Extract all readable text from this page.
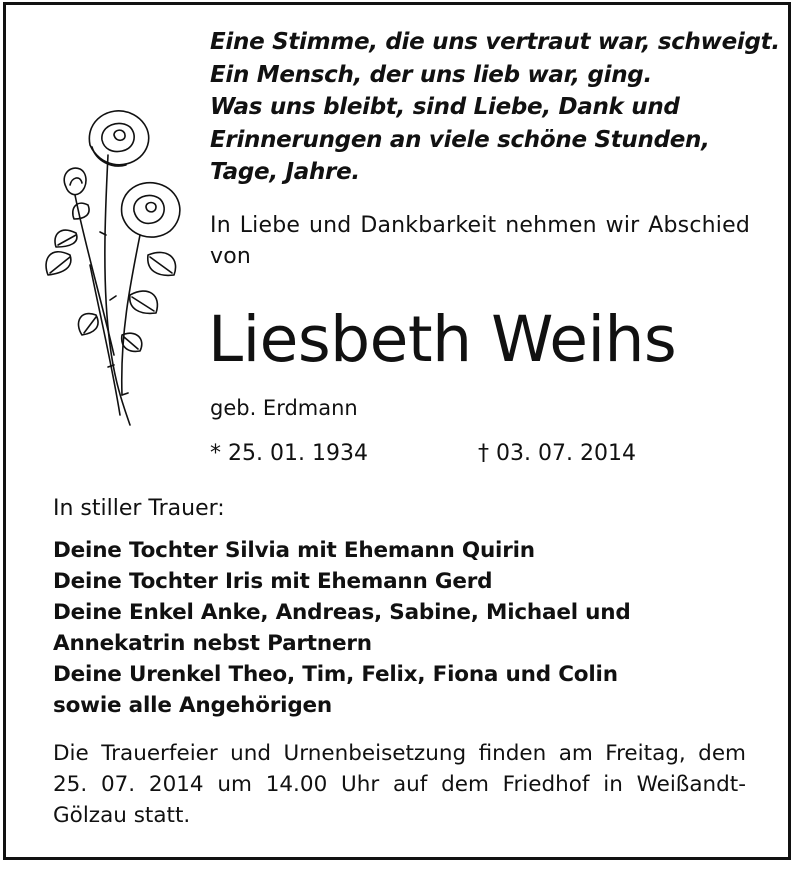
Eine Stimme, die uns vertraut war, schweigt.
Ein Mensch, der uns lieb war, ging.
Was uns bleibt, sind Liebe, Dank und
Erinnerungen an viele schöne Stunden,
Tage, Jahre.
In Liebe und Dankbarkeit nehmen wir Abschied von
Liesbeth Weihs
geb. Erdmann
* 25. 01. 1934	† 03. 07. 2014
In stiller Trauer:
Deine Tochter Silvia mit Ehemann Quirin
Deine Tochter Iris mit Ehemann Gerd
Deine Enkel Anke, Andreas, Sabine, Michael und
Annekatrin nebst Partnern
Deine Urenkel Theo, Tim, Felix, Fiona und Colin
sowie alle Angehörigen
Die Trauerfeier und Urnenbeisetzung finden am Freitag, dem 25. 07. 2014 um 14.00 Uhr auf dem Friedhof in Weißandt-Gölzau statt.
